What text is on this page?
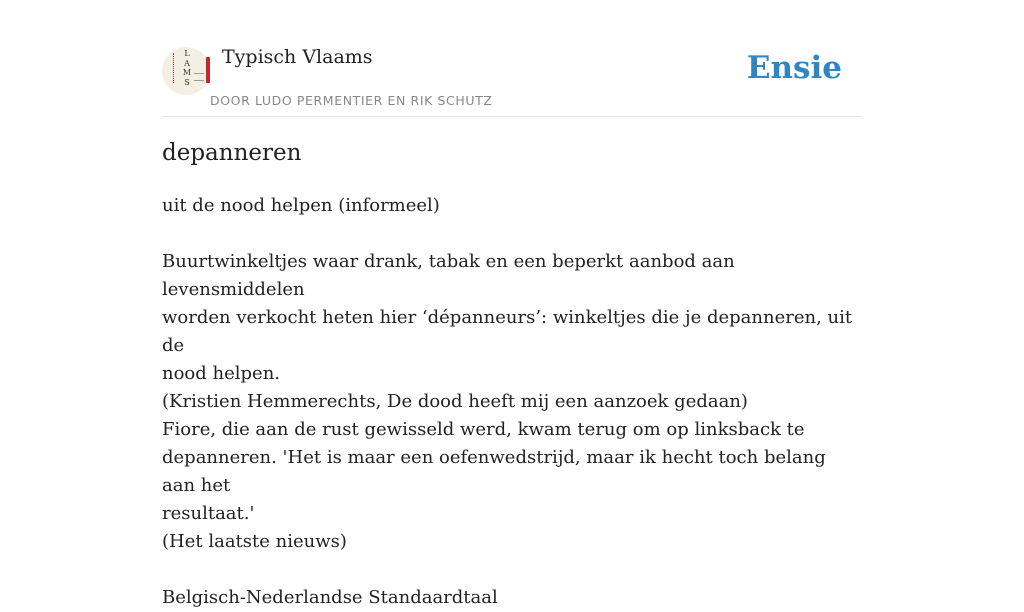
L
A
M
S
Typisch Vlaams
DOOR LUDO PERMENTIER EN RIK SCHUTZ
Ensie
depanneren

uit de nood helpen (informeel)

Buurtwinkeltjes waar drank, tabak en een beperkt aanbod aan levensmiddelen

worden verkocht heten hier ‘dépanneurs’: winkeltjes die je depanneren, uit de

nood helpen.

(Kristien Hemmerechts, De dood heeft mij een aanzoek gedaan)

Fiore, die aan de rust gewisseld werd, kwam terug om op linksback te

depanneren. 'Het is maar een oefenwedstrijd, maar ik hecht toch belang aan het

resultaat.'

(Het laatste nieuws)

Belgisch-Nederlandse Standaardtaal
